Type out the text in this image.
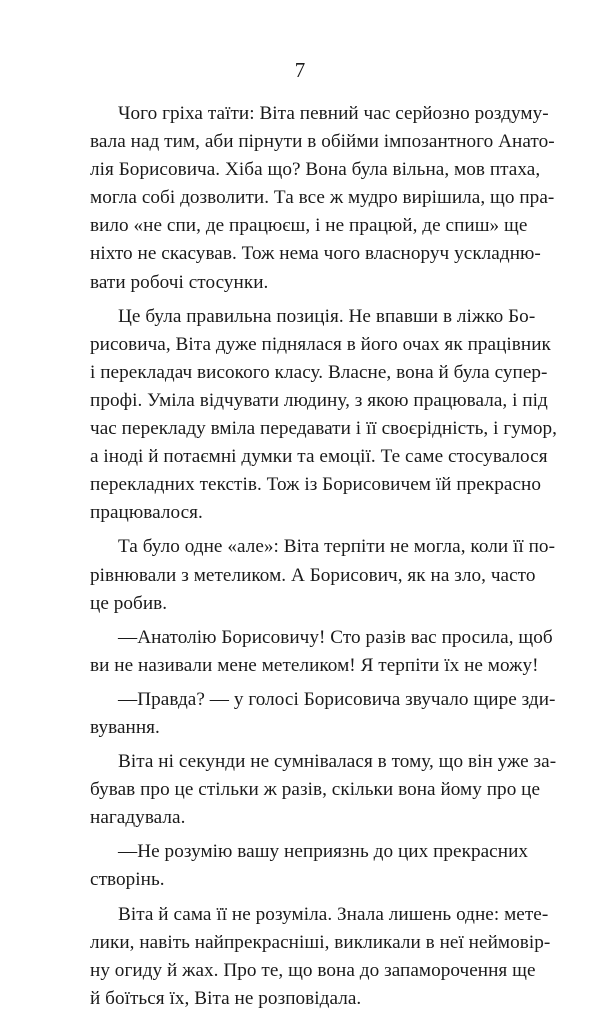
7
Чого гріха таїти: Віта певний час серйозно роздуму-
вала над тим, аби пірнути в обійми імпозантного Анато-
лія Борисовича. Хіба що? Вона була вільна, мов птаха,
могла собі дозволити. Та все ж мудро вирішила, що пра-
вило «не спи, де працюєш, і не працюй, де спиш» ще
ніхто не скасував. Тож нема чого власноруч ускладню-
вати робочі стосунки.
Це була правильна позиція. Не впавши в ліжко Бо-
рисовича, Віта дуже піднялася в його очах як працівник
і перекладач високого класу. Власне, вона й була супер-
профі. Уміла відчувати людину, з якою працювала, і під
час перекладу вміла передавати і її своєрідність, і гумор,
а іноді й потаємні думки та емоції. Те саме стосувалося
перекладних текстів. Тож із Борисовичем їй прекрасно
працювалося.
Та було одне «але»: Віта терпіти не могла, коли її по-
рівнювали з метеликом. А Борисович, як на зло, часто
це робив.
—Анатолію Борисовичу! Сто разів вас просила, щоб
ви не називали мене метеликом! Я терпіти їх не можу!
—Правда? — у голосі Борисовича звучало щире зди-
вування.
Віта ні секунди не сумнівалася в тому, що він уже за-
бував про це стільки ж разів, скільки вона йому про це
нагадувала.
—Не розумію вашу неприязнь до цих прекрасних
створінь.
Віта й сама її не розуміла. Знала лишень одне: мете-
лики, навіть найпрекрасніші, викликали в неї неймовір-
ну огиду й жах. Про те, що вона до запаморочення ще
й боїться їх, Віта не розповідала.
